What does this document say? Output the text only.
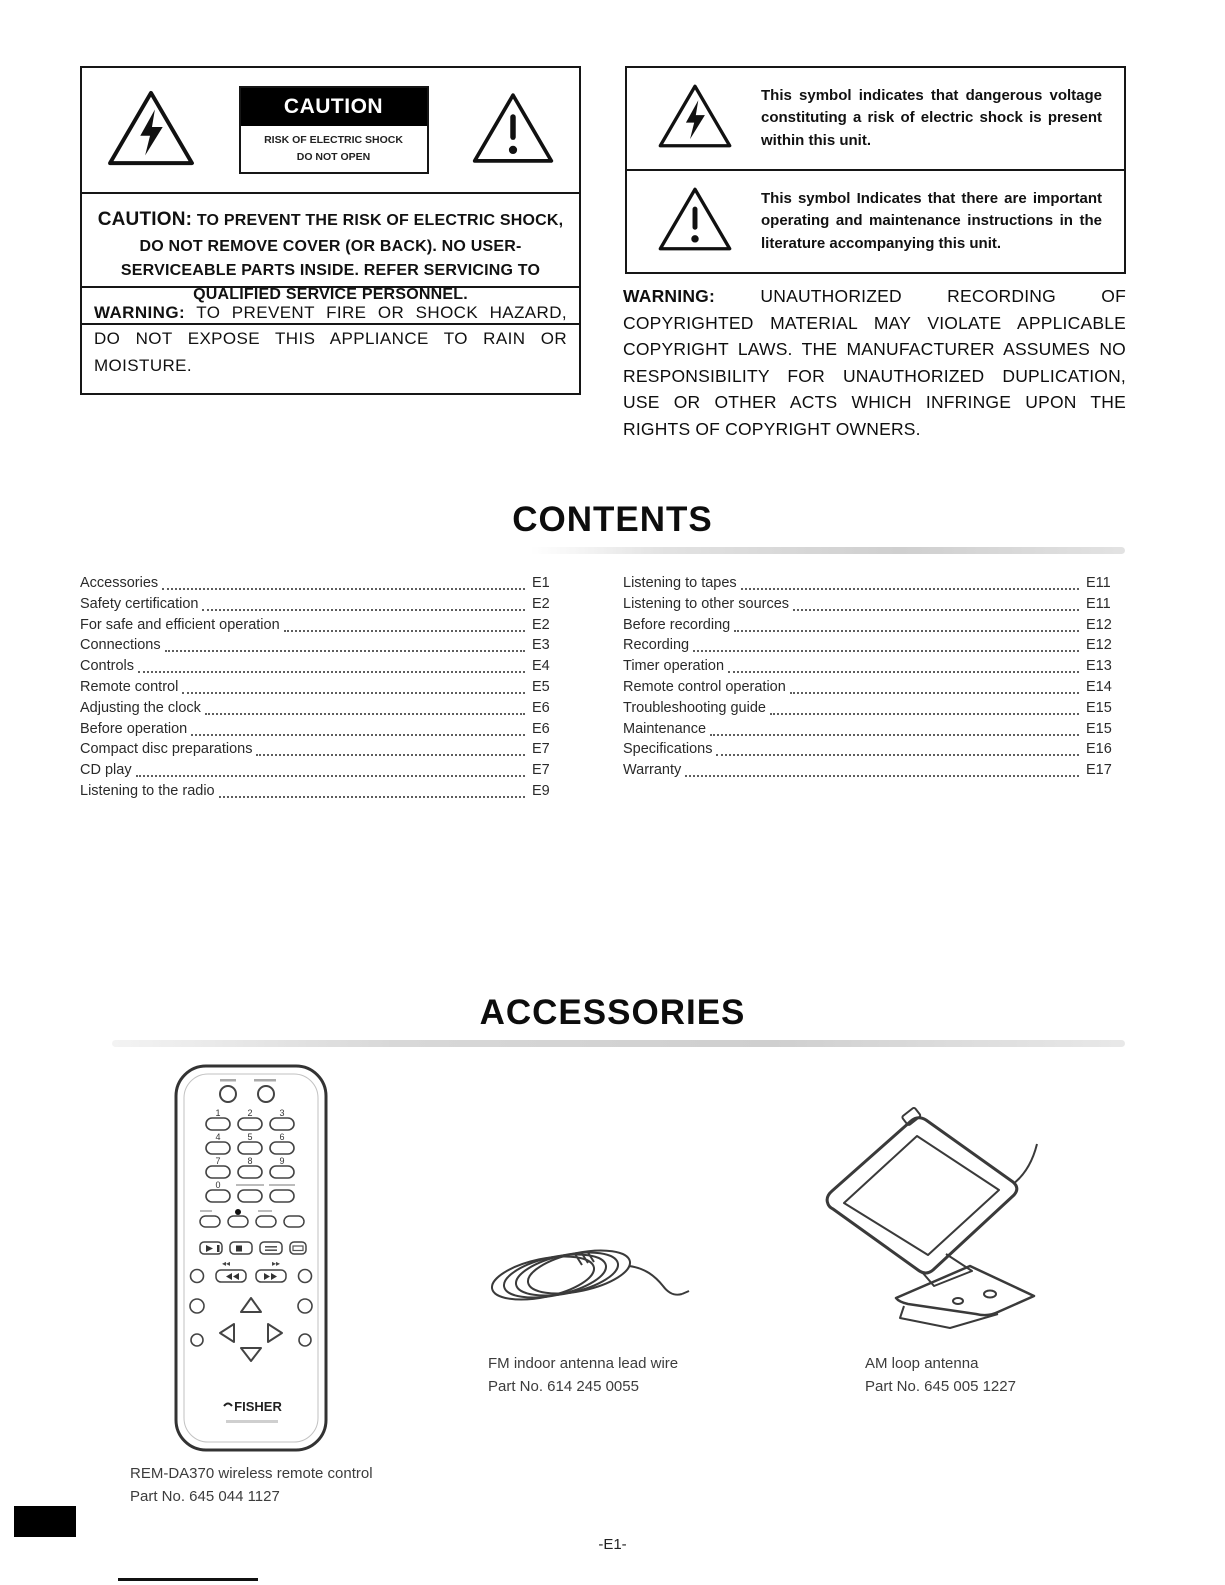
CAUTION
RISK OF ELECTRIC SHOCK
DO NOT OPEN
CAUTION: TO PREVENT THE RISK OF ELECTRIC SHOCK, DO NOT REMOVE COVER (OR BACK). NO USER-SERVICEABLE PARTS INSIDE. REFER SERVICING TO QUALIFIED SERVICE PERSONNEL.
WARNING: TO PREVENT FIRE OR SHOCK HAZARD, DO NOT EXPOSE THIS APPLIANCE TO RAIN OR MOISTURE.
This symbol indicates that dangerous voltage constituting a risk of electric shock is present within this unit.
This symbol Indicates that there are important operating and maintenance instructions in the literature accompanying this unit.
WARNING:	UNAUTHORIZED RECORDING OF COPYRIGHTED MATERIAL MAY VIOLATE APPLICABLE COPYRIGHT LAWS. THE MANUFACTURER ASSUMES NO RESPONSIBILITY FOR UNAUTHORIZED DUPLICATION, USE OR OTHER ACTS WHICH INFRINGE UPON THE RIGHTS OF COPYRIGHT OWNERS.
CONTENTS
Accessories	E1
Safety certification	E2
For safe and efficient operation	E2
Connections	E3
Controls	E4
Remote control	E5
Adjusting the clock	E6
Before operation	E6
Compact disc preparations	E7
CD play	E7
Listening to the radio	E9
Listening to tapes	E11
Listening to other sources	E11
Before recording	E12
Recording	E12
Timer operation	E13
Remote control operation	E14
Troubleshooting guide	E15
Maintenance	E15
Specifications	E16
Warranty	E17
ACCESSORIES
1	2	3
4	5	6
7	8	9
0
◂◂	▸▸
FISHER
REM-DA370 wireless remote control
Part No. 645 044 1127
FM indoor antenna lead wire
Part No. 614 245 0055
AM loop antenna
Part No. 645 005 1227
-E1-
